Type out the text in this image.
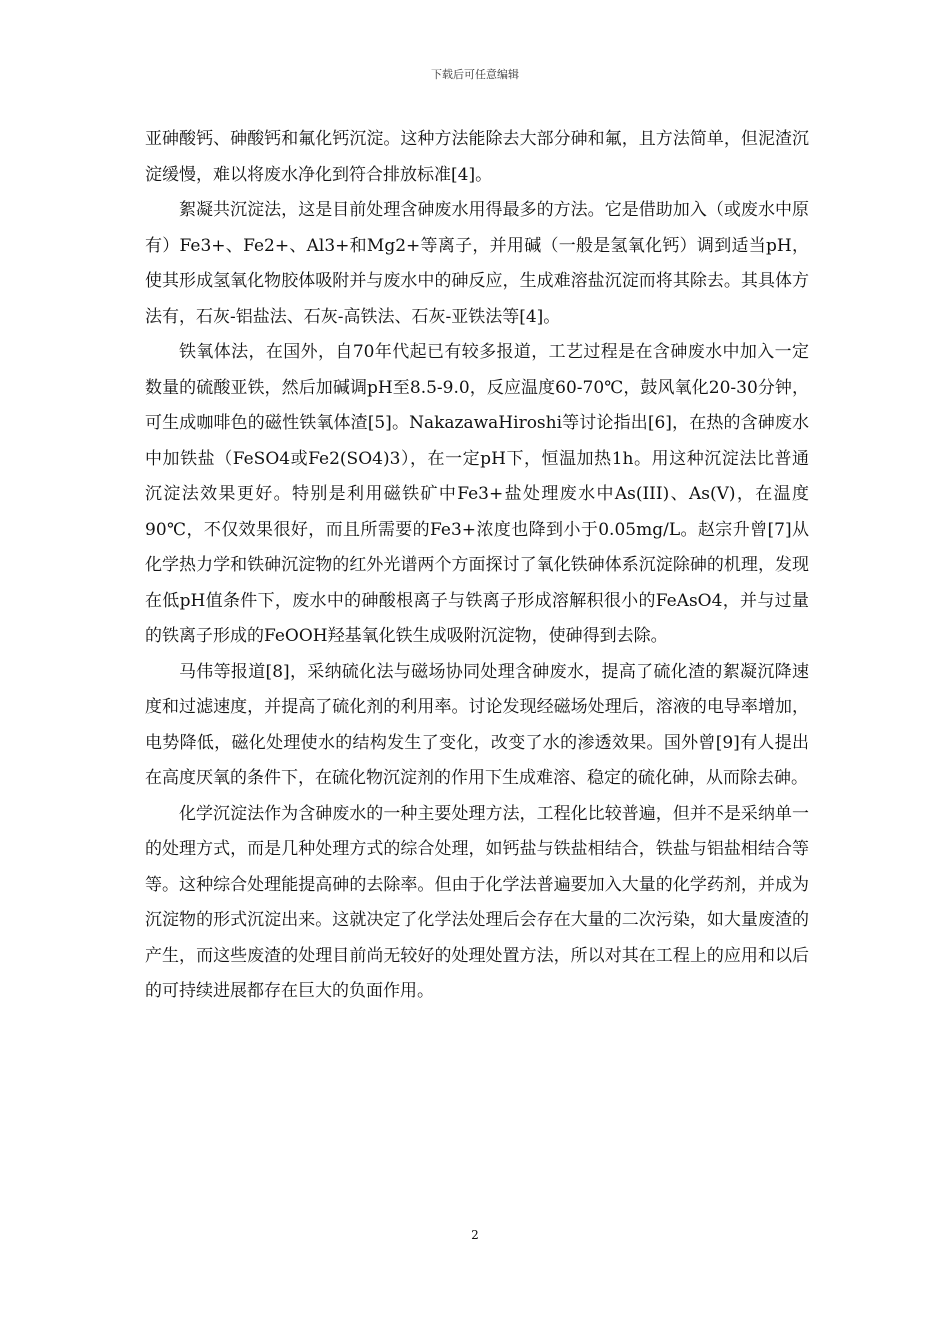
下载后可任意编辑

亚砷酸钙、砷酸钙和氟化钙沉淀。这种方法能除去大部分砷和氟，且方法简单，但泥渣沉淀缓慢，难以将废水净化到符合排放标准[4]。

絮凝共沉淀法，这是目前处理含砷废水用得最多的方法。它是借助加入（或废水中原有）Fe3+、Fe2+、Al3+和Mg2+等离子，并用碱（一般是氢氧化钙）调到适当pH，使其形成氢氧化物胶体吸附并与废水中的砷反应，生成难溶盐沉淀而将其除去。其具体方法有，石灰-铝盐法、石灰-高铁法、石灰-亚铁法等[4]。

铁氧体法，在国外，自70年代起已有较多报道，工艺过程是在含砷废水中加入一定数量的硫酸亚铁，然后加碱调pH至8.5-9.0，反应温度60-70℃，鼓风氧化20-30分钟，可生成咖啡色的磁性铁氧体渣[5]。NakazawaHiroshi等讨论指出[6]，在热的含砷废水中加铁盐（FeSO4或Fe2(SO4)3），在一定pH下，恒温加热1h。用这种沉淀法比普通沉淀法效果更好。特别是利用磁铁矿中Fe3+盐处理废水中As(III)、As(V)，在温度90℃，不仅效果很好，而且所需要的Fe3+浓度也降到小于0.05mg/L。赵宗升曾[7]从化学热力学和铁砷沉淀物的红外光谱两个方面探讨了氧化铁砷体系沉淀除砷的机理，发现在低pH值条件下，废水中的砷酸根离子与铁离子形成溶解积很小的FeAsO4，并与过量的铁离子形成的FeOOH羟基氧化铁生成吸附沉淀物，使砷得到去除。

马伟等报道[8]，采纳硫化法与磁场协同处理含砷废水，提高了硫化渣的絮凝沉降速度和过滤速度，并提高了硫化剂的利用率。讨论发现经磁场处理后，溶液的电导率增加，电势降低，磁化处理使水的结构发生了变化，改变了水的渗透效果。国外曾[9]有人提出在高度厌氧的条件下，在硫化物沉淀剂的作用下生成难溶、稳定的硫化砷，从而除去砷。

化学沉淀法作为含砷废水的一种主要处理方法，工程化比较普遍，但并不是采纳单一的处理方式，而是几种处理方式的综合处理，如钙盐与铁盐相结合，铁盐与铝盐相结合等等。这种综合处理能提高砷的去除率。但由于化学法普遍要加入大量的化学药剂，并成为沉淀物的形式沉淀出来。这就决定了化学法处理后会存在大量的二次污染，如大量废渣的产生，而这些废渣的处理目前尚无较好的处理处置方法，所以对其在工程上的应用和以后的可持续进展都存在巨大的负面作用。

2
